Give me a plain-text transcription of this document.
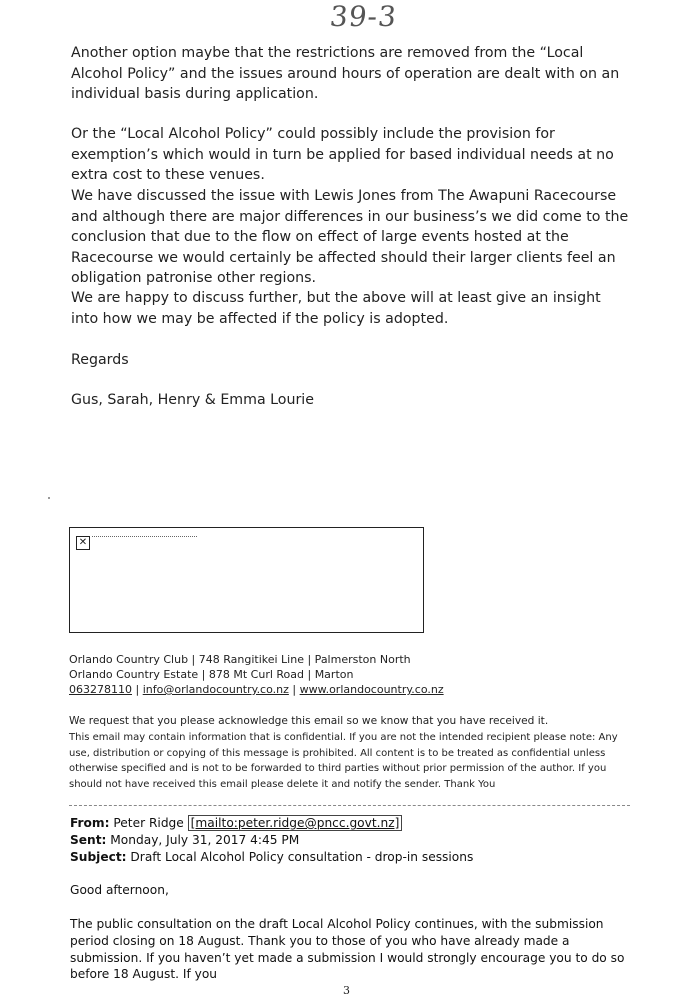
39-3

Another option maybe that the restrictions are removed from the “Local Alcohol Policy” and the issues around hours of operation are dealt with on an individual basis during application.

Or the “Local Alcohol Policy” could possibly include the provision for exemption’s which would in turn be applied for based individual needs at no extra cost to these venues.

We have discussed the issue with Lewis Jones from The Awapuni Racecourse and although there are major differences in our business’s we did come to the conclusion that due to the flow on effect of large events hosted at the Racecourse we would certainly be affected should their larger clients feel an obligation patronise other regions.

We are happy to discuss further, but the above will at least give an insight into how we may be affected if the policy is adopted.

Regards

Gus, Sarah, Henry & Emma Lourie

✕
Orlando Country Club | 748 Rangitikei Line | Palmerston North
Orlando Country Estate | 878 Mt Curl Road | Marton
063278110 | info@orlandocountry.co.nz | www.orlandocountry.co.nz

We request that you please acknowledge this email so we know that you have received it.

This email may contain information that is confidential. If you are not the intended recipient please note: Any use, distribution or copying of this message is prohibited. All content is to be treated as confidential unless otherwise specified and is not to be forwarded to third parties without prior permission of the author. If you should not have received this email please delete it and notify the sender. Thank You

From: Peter Ridge [mailto:peter.ridge@pncc.govt.nz]
Sent: Monday, July 31, 2017 4:45 PM
Subject: Draft Local Alcohol Policy consultation - drop-in sessions

Good afternoon,

The public consultation on the draft Local Alcohol Policy continues, with the submission period closing on 18 August. Thank you to those of you who have already made a submission. If you haven’t yet made a submission I would strongly encourage you to do so before 18 August. If you

3
